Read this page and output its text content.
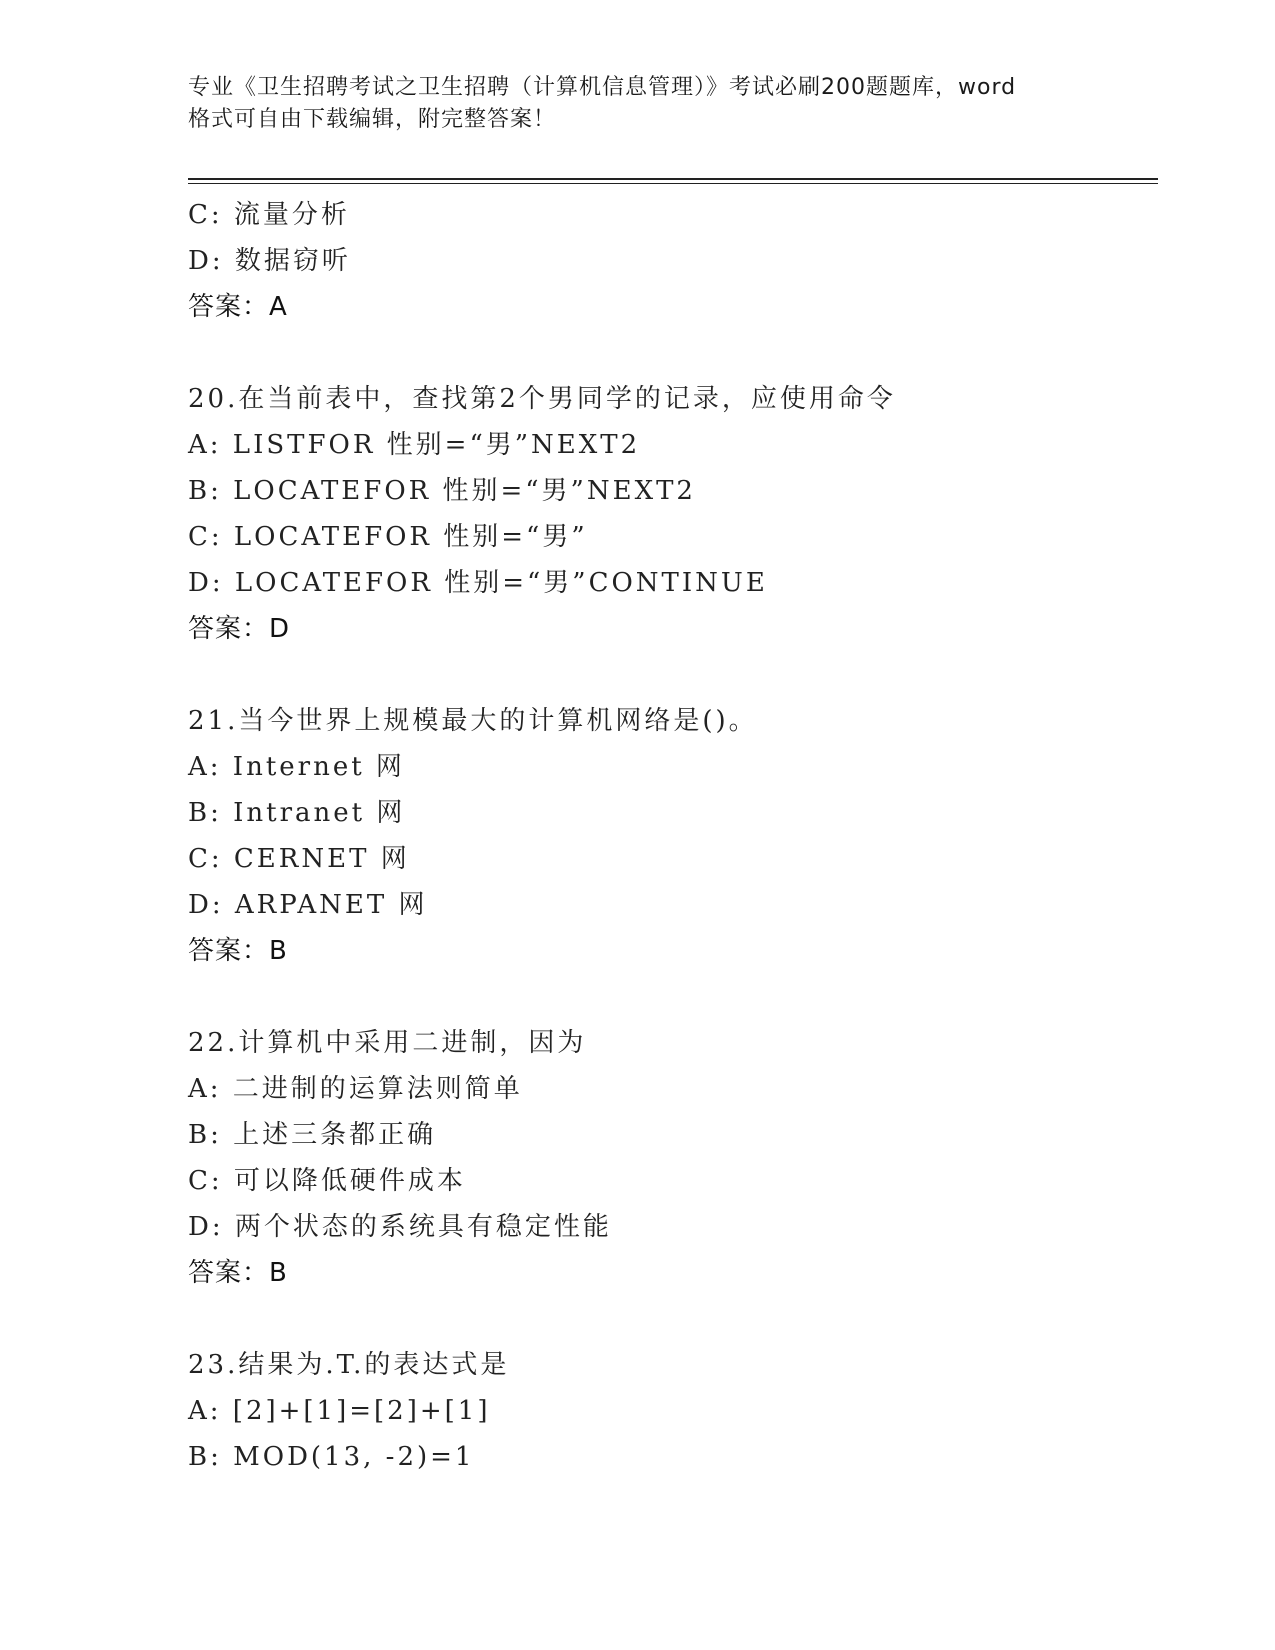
专业《卫生招聘考试之卫生招聘（计算机信息管理）》考试必刷200题题库，word
格式可自由下载编辑，附完整答案！
C: 流量分析
D: 数据窃听
答案：A
20.在当前表中，查找第2个男同学的记录，应使用命令
A: LISTFOR 性别=“男”NEXT2
B: LOCATEFOR 性别=“男”NEXT2
C: LOCATEFOR 性别=“男”
D: LOCATEFOR 性别=“男”CONTINUE
答案：D
21.当今世界上规模最大的计算机网络是()。
A: Internet 网
B: Intranet 网
C: CERNET 网
D: ARPANET 网
答案：B
22.计算机中采用二进制，因为
A: 二进制的运算法则简单
B: 上述三条都正确
C: 可以降低硬件成本
D: 两个状态的系统具有稳定性能
答案：B
23.结果为.T.的表达式是
A: [2]+[1]=[2]+[1]
B: MOD(13, -2)=1
